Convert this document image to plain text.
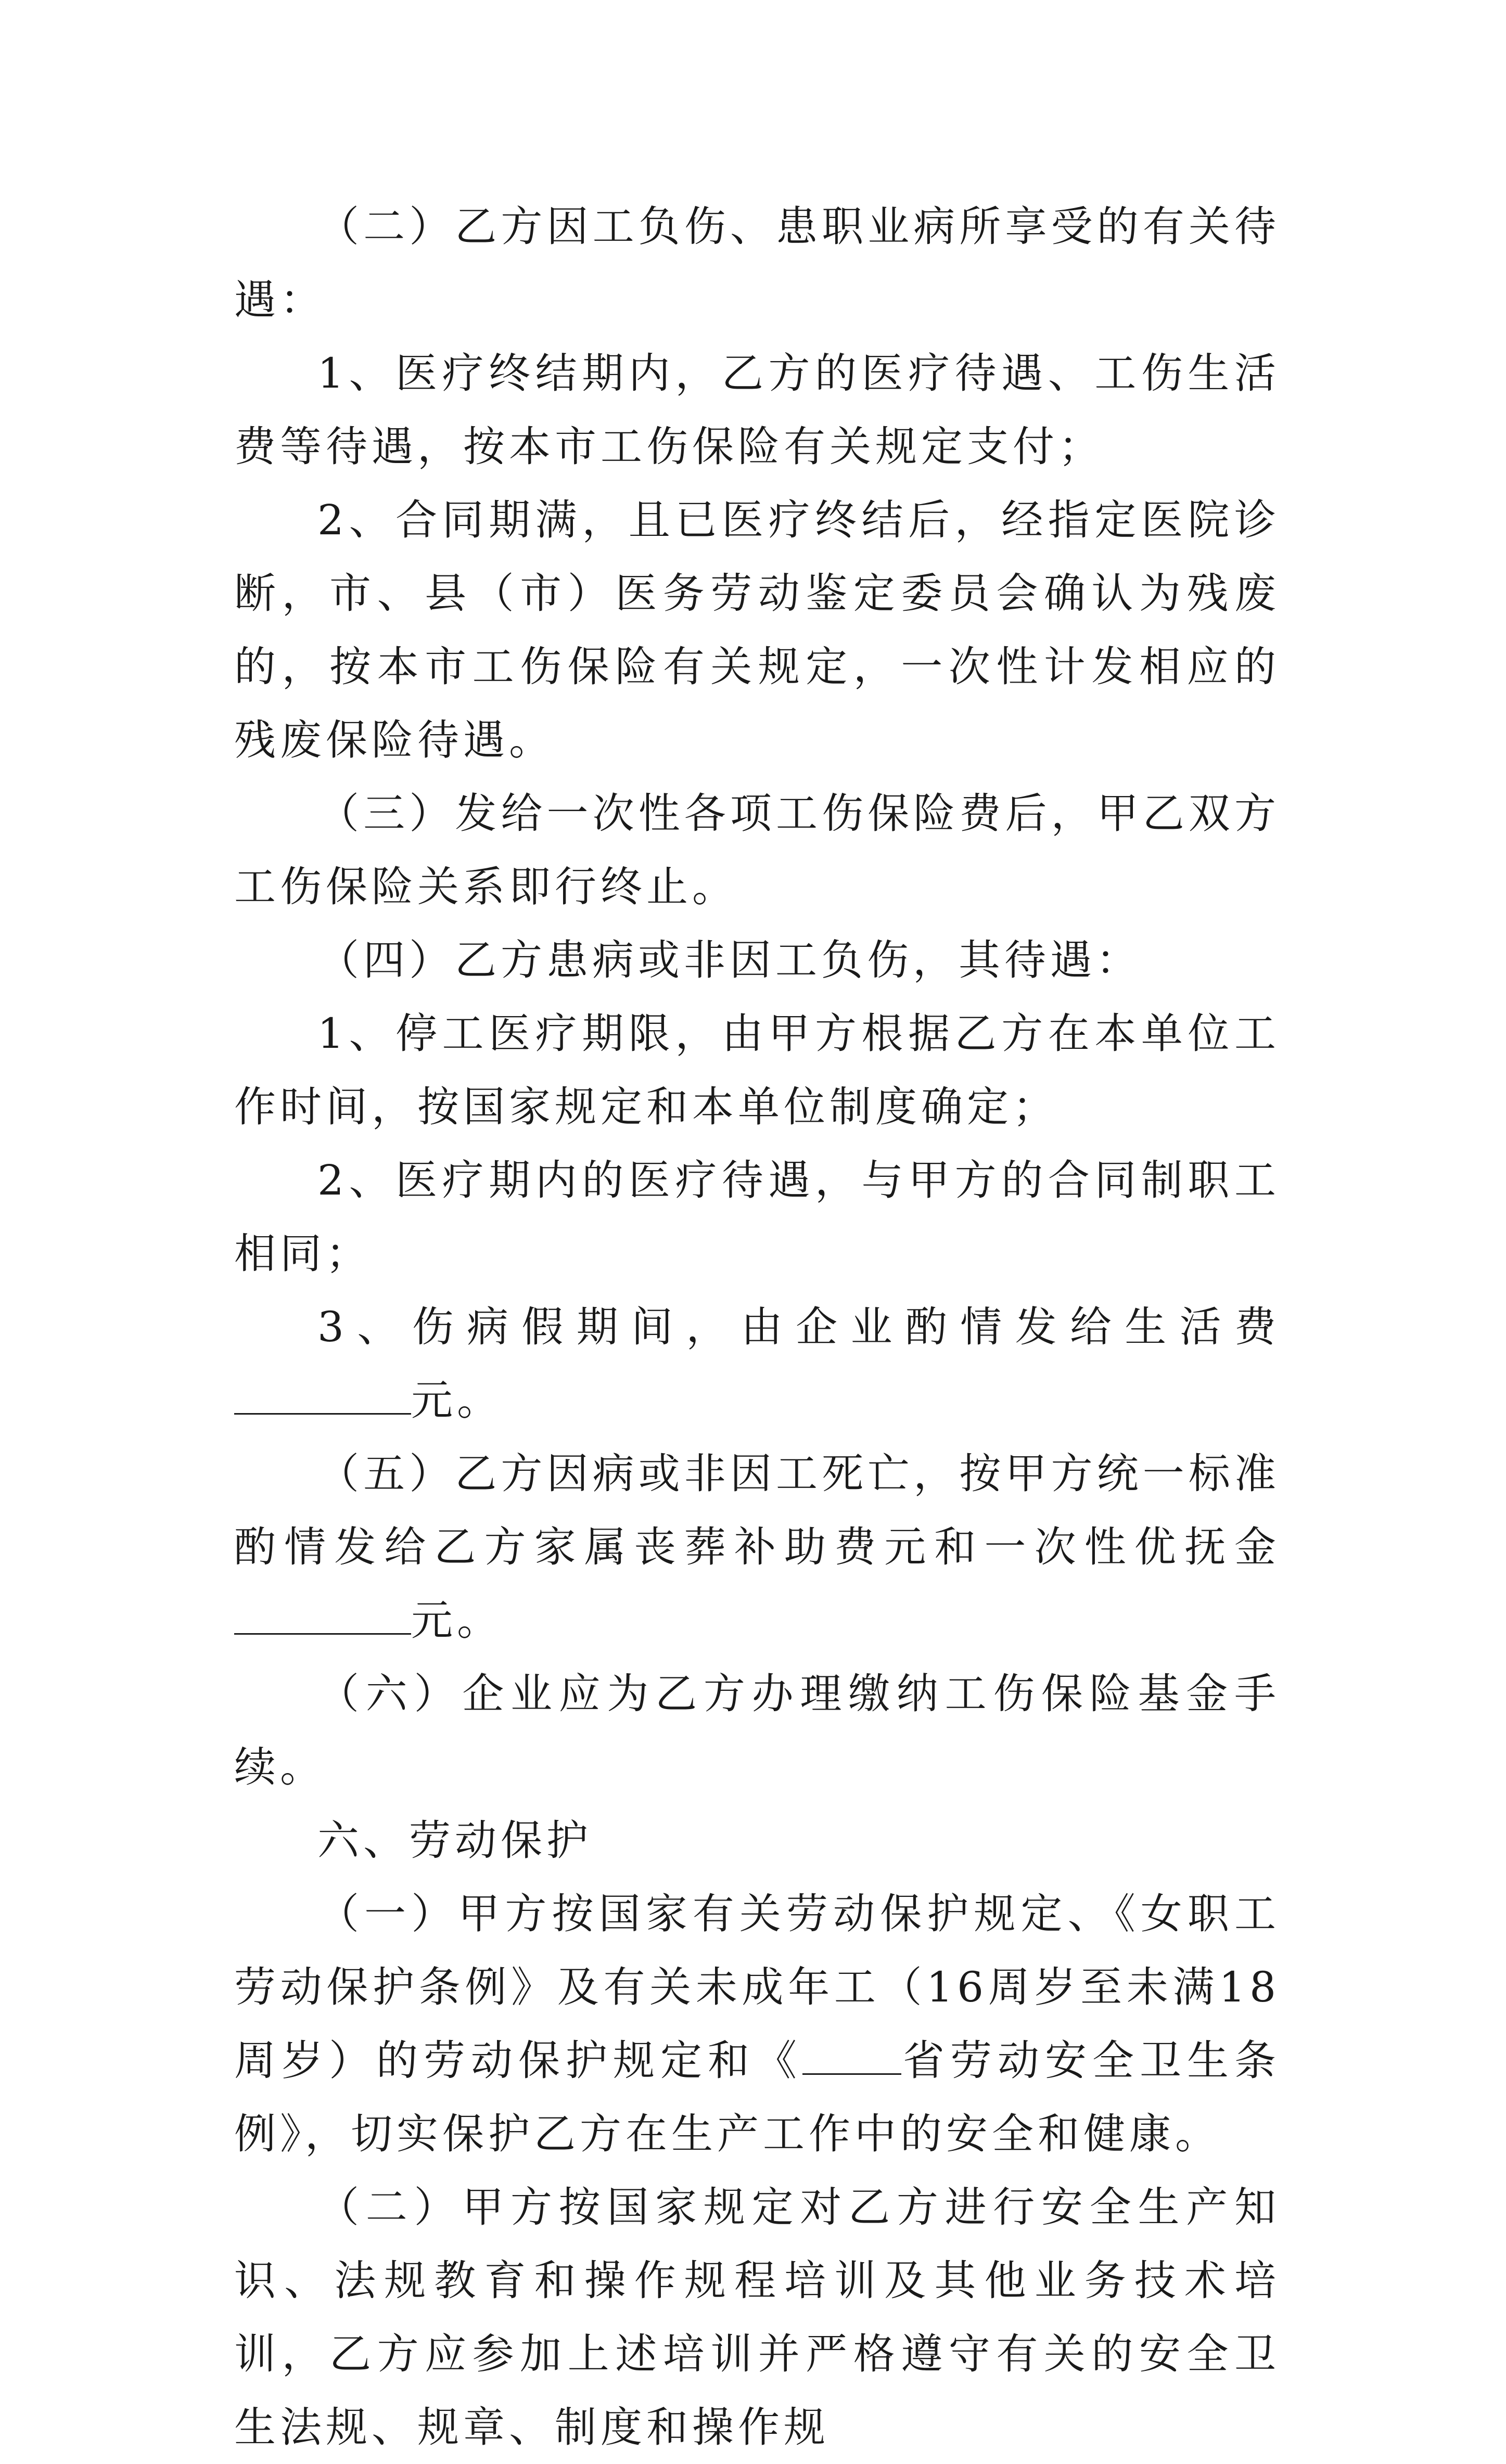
（二）乙方因工负伤、患职业病所享受的有关待遇：

1、医疗终结期内，乙方的医疗待遇、工伤生活费等待遇，按本市工伤保险有关规定支付；

2、合同期满，且已医疗终结后，经指定医院诊断，市、县（市）医务劳动鉴定委员会确认为残废的，按本市工伤保险有关规定，一次性计发相应的残废保险待遇。

（三）发给一次性各项工伤保险费后，甲乙双方工伤保险关系即行终止。

（四）乙方患病或非因工负伤，其待遇：

1、停工医疗期限，由甲方根据乙方在本单位工作时间，按国家规定和本单位制度确定；

2、医疗期内的医疗待遇，与甲方的合同制职工相同；

3、伤病假期间，由企业酌情发给生活费元。

（五）乙方因病或非因工死亡，按甲方统一标准酌情发给乙方家属丧葬补助费元和一次性优抚金元。

（六）企业应为乙方办理缴纳工伤保险基金手续。

六、劳动保护

（一）甲方按国家有关劳动保护规定、《女职工劳动保护条例》及有关未成年工（16周岁至未满18周岁）的劳动保护规定和《 省劳动安全卫生条例》，切实保护乙方在生产工作中的安全和健康。

（二）甲方按国家规定对乙方进行安全生产知识、法规教育和操作规程培训及其他业务技术培训，乙方应参加上述培训并严格遵守有关的安全卫生法规、规章、制度和操作规
